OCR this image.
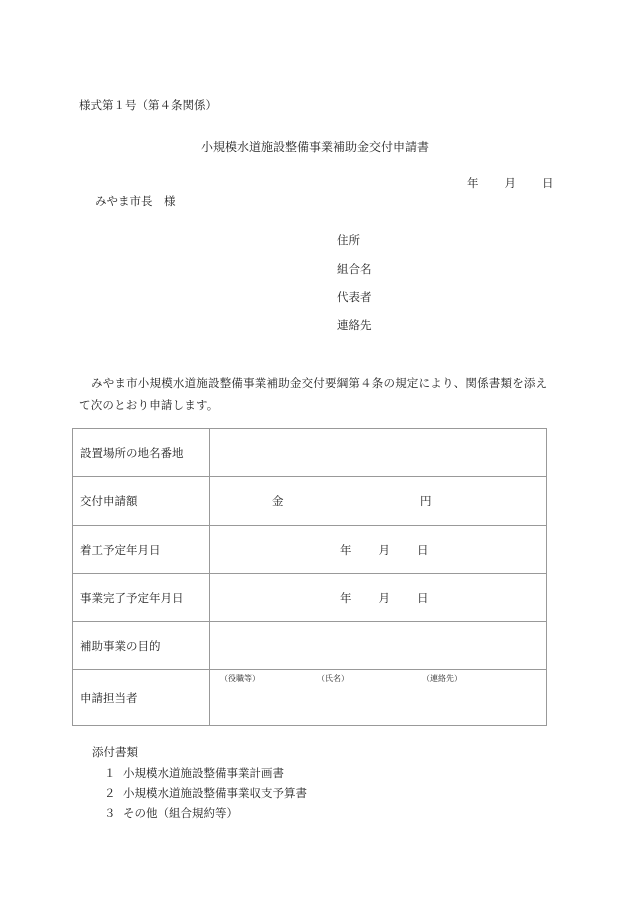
様式第１号（第４条関係）
小規模水道施設整備事業補助金交付申請書
年 月 日
みやま市長　様
住所
組合名
代表者
連絡先
みやま市小規模水道施設整備事業補助金交付要綱第４条の規定により、関係書類を添えて次のとおり申請します。
設置場所の地名番地	
交付申請額	金 円

着工予定年月日	年 月 日
事業完了予定年月日	年 月 日
補助事業の目的	
申請担当者	（役職等） （氏名） （連絡先）
添付書類
１ 小規模水道施設整備事業計画書
２ 小規模水道施設整備事業収支予算書
３ その他（組合規約等）
